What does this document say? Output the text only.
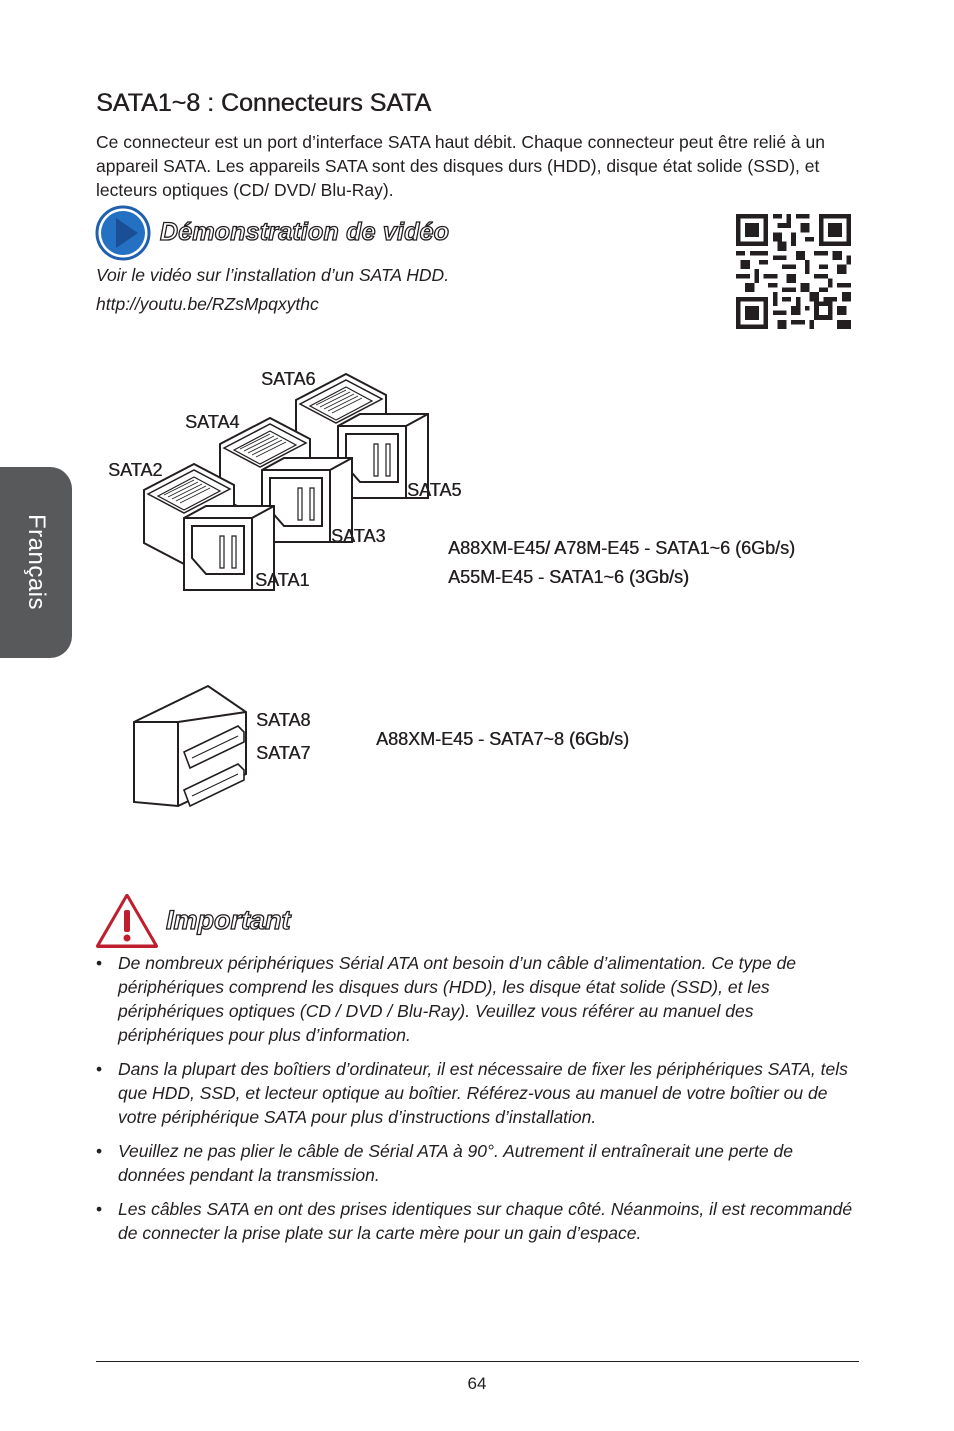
Français
SATA1~8 : Connecteurs SATA

Ce connecteur est un port d’interface SATA haut débit. Chaque connecteur peut être relié à un appareil SATA. Les appareils SATA sont des disques durs (HDD), disque état solide (SSD), et lecteurs optiques (CD/ DVD/ Blu-Ray).

Démonstration de vidéo

Voir le vidéo sur l’installation d’un SATA HDD.

http://youtu.be/RZsMpqxythc

SATA6
SATA4
SATA2
SATA5
SATA3
SATA1
A88XM-E45/ A78M-E45 - SATA1~6 (6Gb/s)
A55M-E45 - SATA1~6 (3Gb/s)
SATA8
SATA7
A88XM-E45 - SATA7~8 (6Gb/s)
Important
• De nombreux périphériques Sérial ATA ont besoin d’un câble d’alimentation. Ce type de périphériques comprend les disques durs (HDD), les disque état solide (SSD), et les périphériques optiques (CD / DVD / Blu-Ray). Veuillez vous référer au manuel des périphériques pour plus d’information.
• Dans la plupart des boîtiers d’ordinateur, il est nécessaire de fixer les périphériques SATA, tels que HDD, SSD, et lecteur optique au boîtier. Référez-vous au manuel de votre boîtier ou de votre périphérique SATA pour plus d’instructions d’installation.
• Veuillez ne pas plier le câble de Sérial ATA à 90°. Autrement il entraînerait une perte de données pendant la transmission.
• Les câbles SATA en ont des prises identiques sur chaque côté. Néanmoins, il est recommandé de connecter la prise plate sur la carte mère pour un gain d’espace.
64
